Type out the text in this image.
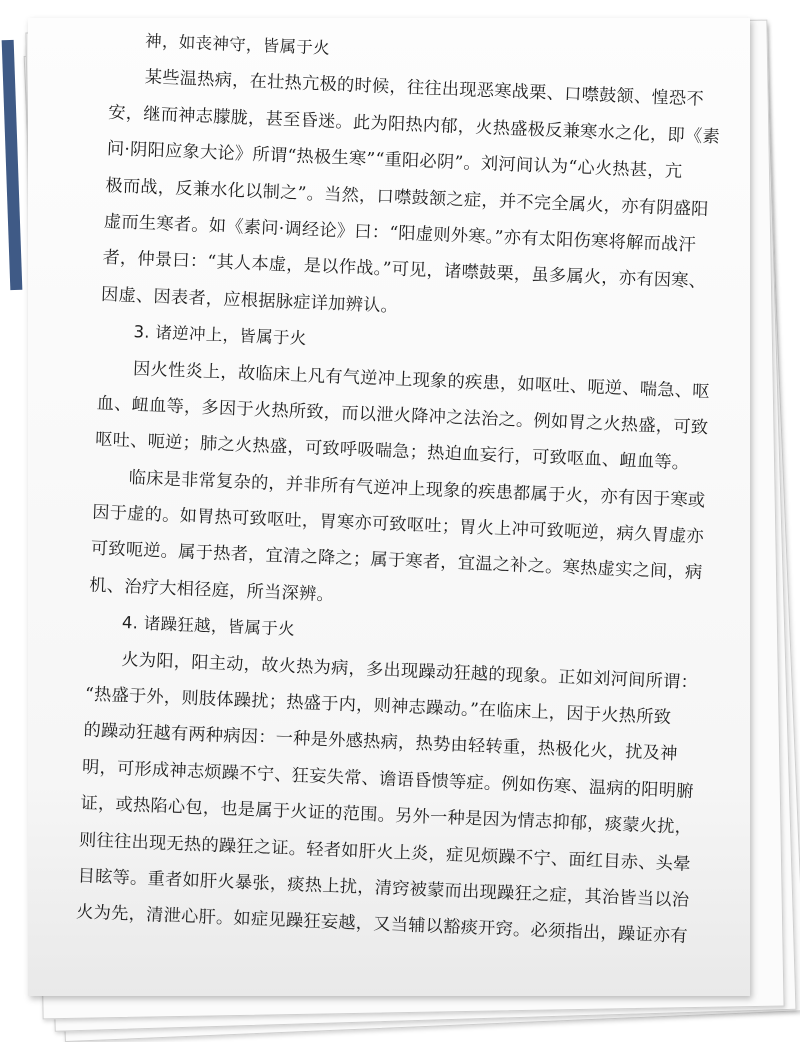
神，如丧神守，皆属于火
某些温热病，在壮热亢极的时候，往往出现恶寒战栗、口噤鼓颔、惶恐不
安，继而神志朦胧，甚至昏迷。此为阳热内郁，火热盛极反兼寒水之化，即《素
问·阴阳应象大论》所谓“热极生寒”“重阳必阴”。刘河间认为“心火热甚，亢
极而战，反兼水化以制之”。当然，口噤鼓颔之症，并不完全属火，亦有阴盛阳
虚而生寒者。如《素问·调经论》曰：“阳虚则外寒。”亦有太阳伤寒将解而战汗
者，仲景曰：“其人本虚，是以作战。”可见，诸噤鼓栗，虽多属火，亦有因寒、
因虚、因表者，应根据脉症详加辨认。
3. 诸逆冲上，皆属于火
因火性炎上，故临床上凡有气逆冲上现象的疾患，如呕吐、呃逆、喘急、呕
血、衄血等，多因于火热所致，而以泄火降冲之法治之。例如胃之火热盛，可致
呕吐、呃逆；肺之火热盛，可致呼吸喘急；热迫血妄行，可致呕血、衄血等。
临床是非常复杂的，并非所有气逆冲上现象的疾患都属于火，亦有因于寒或
因于虚的。如胃热可致呕吐，胃寒亦可致呕吐；胃火上冲可致呃逆，病久胃虚亦
可致呃逆。属于热者，宜清之降之；属于寒者，宜温之补之。寒热虚实之间，病
机、治疗大相径庭，所当深辨。
4. 诸躁狂越，皆属于火
火为阳，阳主动，故火热为病，多出现躁动狂越的现象。正如刘河间所谓：
“热盛于外，则肢体躁扰；热盛于内，则神志躁动。”在临床上，因于火热所致
的躁动狂越有两种病因：一种是外感热病，热势由轻转重，热极化火，扰及神
明，可形成神志烦躁不宁、狂妄失常、谵语昏愦等症。例如伤寒、温病的阳明腑
证，或热陷心包，也是属于火证的范围。另外一种是因为情志抑郁，痰蒙火扰，
则往往出现无热的躁狂之证。轻者如肝火上炎，症见烦躁不宁、面红目赤、头晕
目眩等。重者如肝火暴张，痰热上扰，清窍被蒙而出现躁狂之症，其治皆当以治
火为先，清泄心肝。如症见躁狂妄越，又当辅以豁痰开窍。必须指出，躁证亦有
